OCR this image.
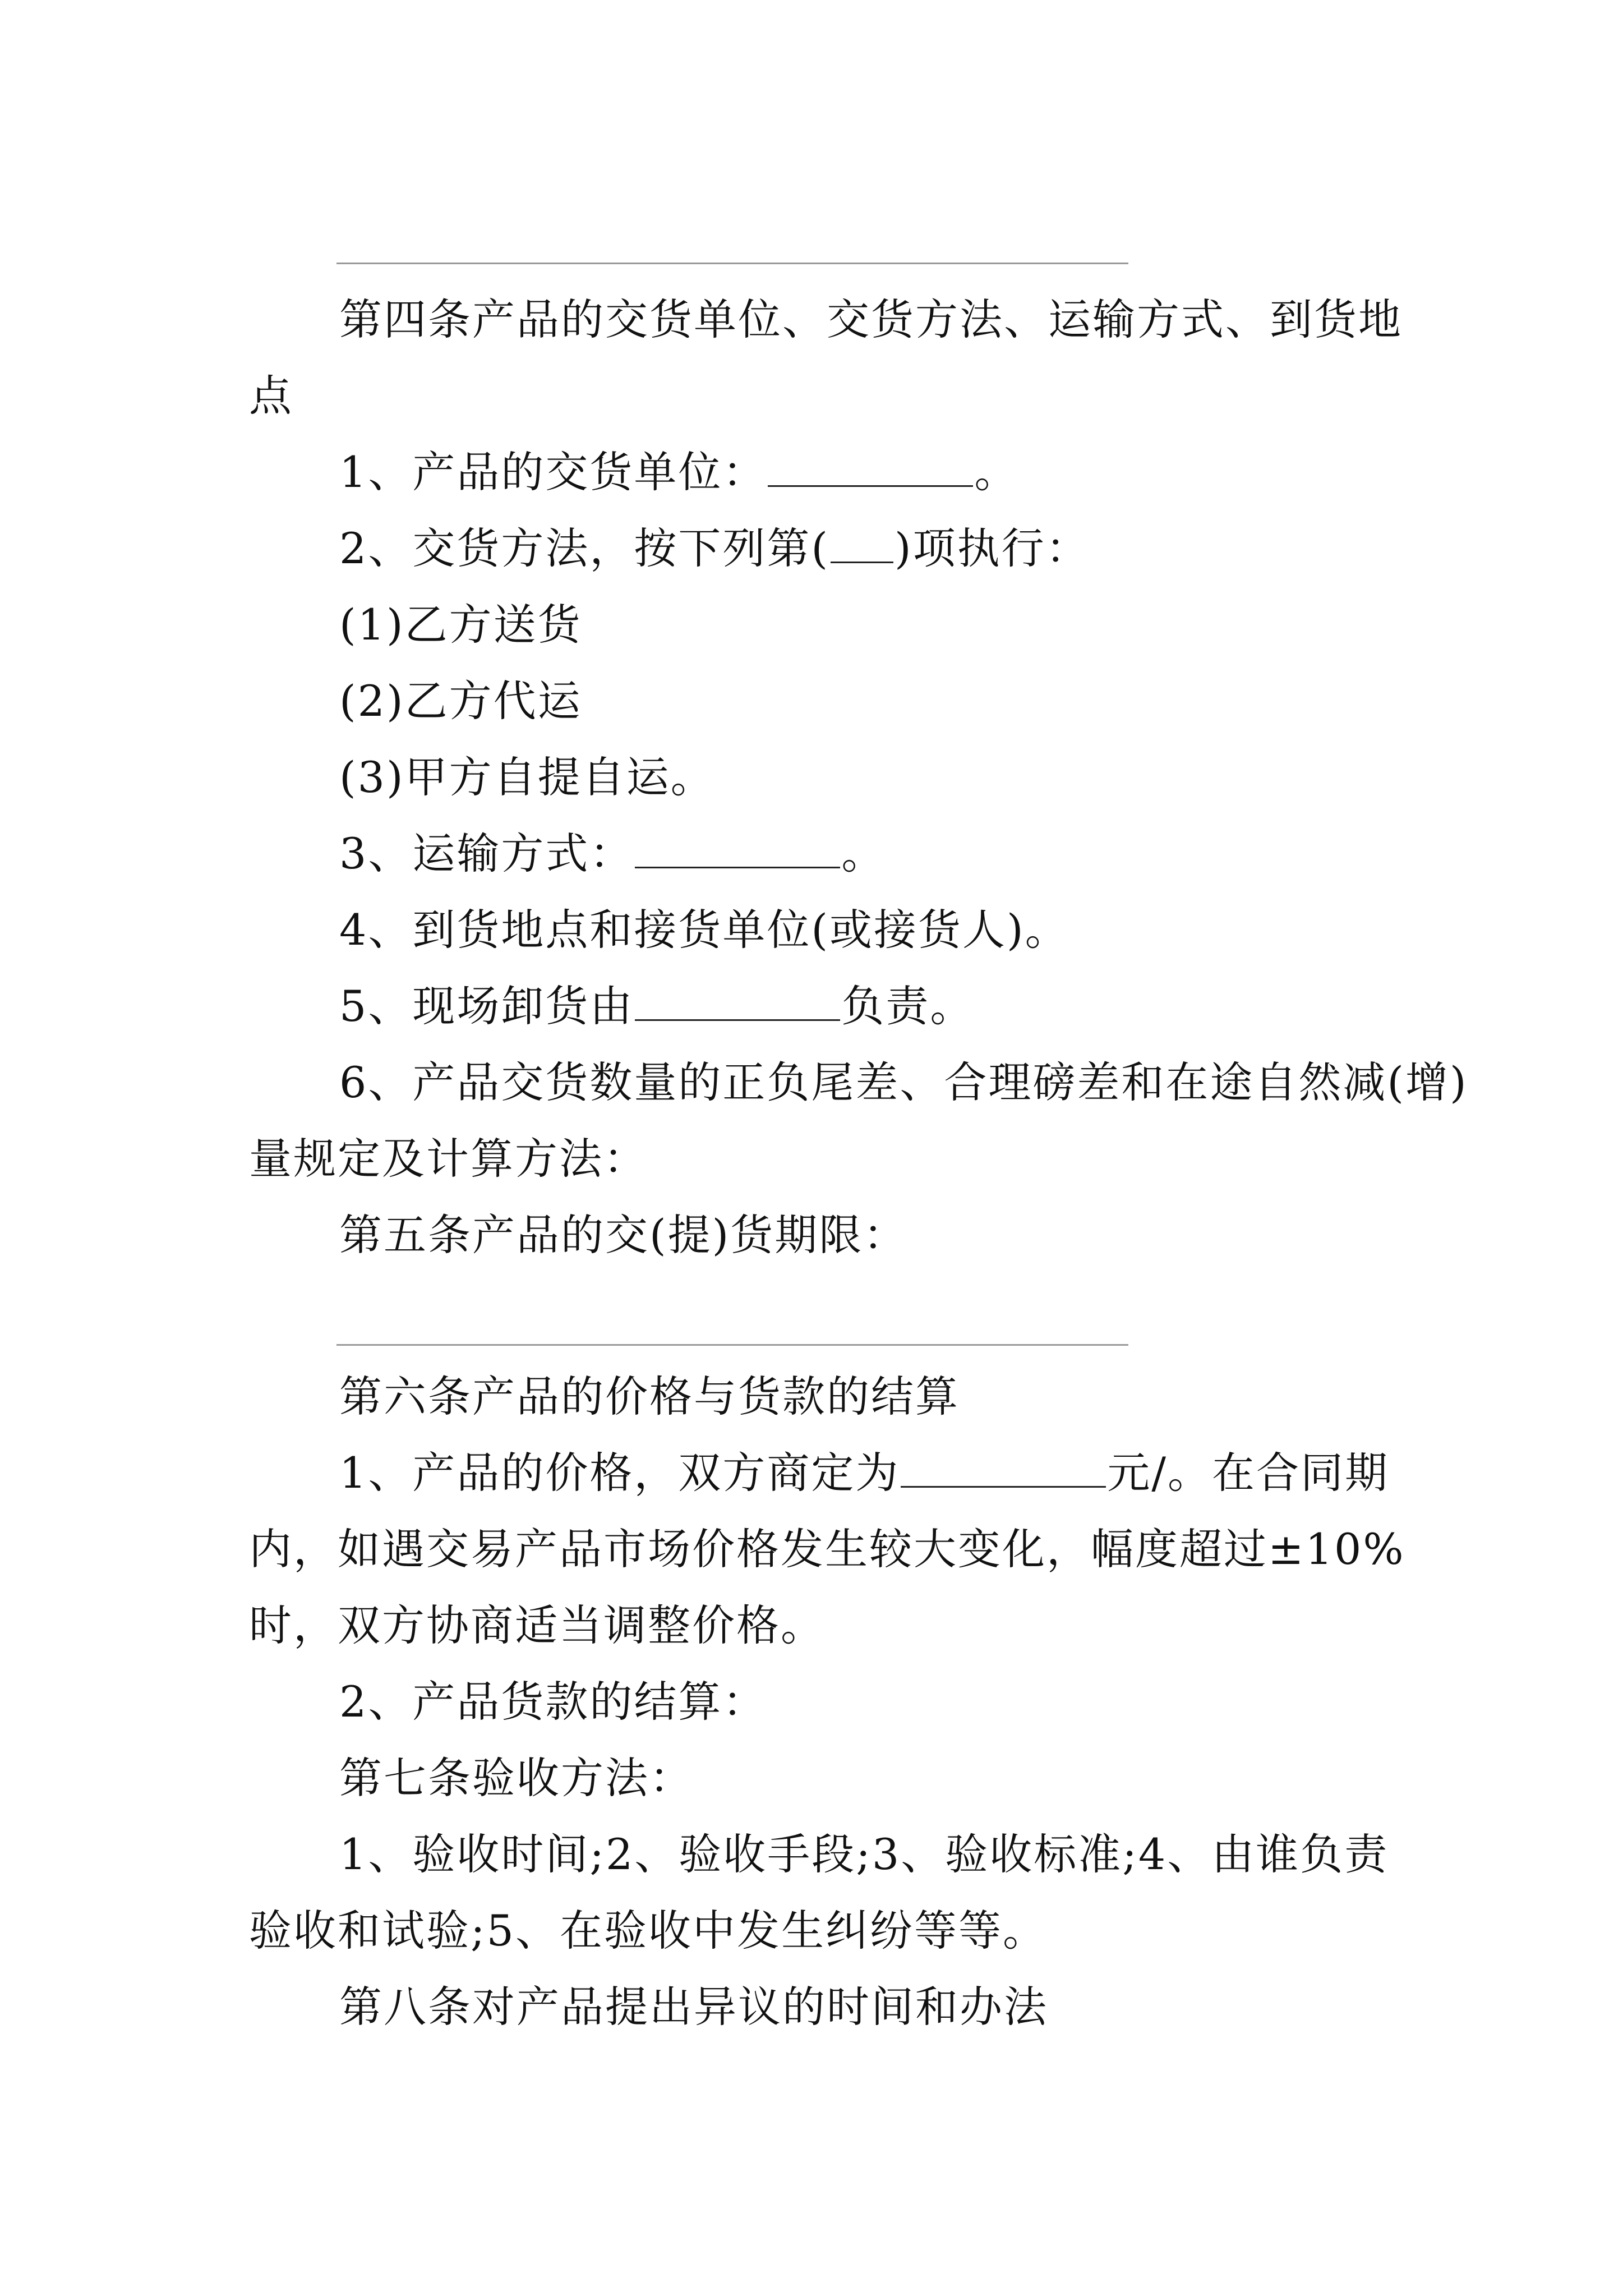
第四条产品的交货单位、交货方法、运输方式、到货地
点
1、产品的交货单位：	。
2、交货方法，按下列第( )项执行：
(1)乙方送货
(2)乙方代运
(3)甲方自提自运。
3、运输方式：	。
4、到货地点和接货单位(或接货人)。
5、现场卸货由	负责。
6、产品交货数量的正负尾差、合理磅差和在途自然减(增)
量规定及计算方法：
第五条产品的交(提)货期限：
第六条产品的价格与货款的结算
1、产品的价格，双方商定为	元/。在合同期
内，如遇交易产品市场价格发生较大变化，幅度超过±10%
时，双方协商适当调整价格。
2、产品货款的结算：
第七条验收方法：
1、验收时间;2、验收手段;3、验收标准;4、由谁负责
验收和试验;5、在验收中发生纠纷等等。
第八条对产品提出异议的时间和办法
